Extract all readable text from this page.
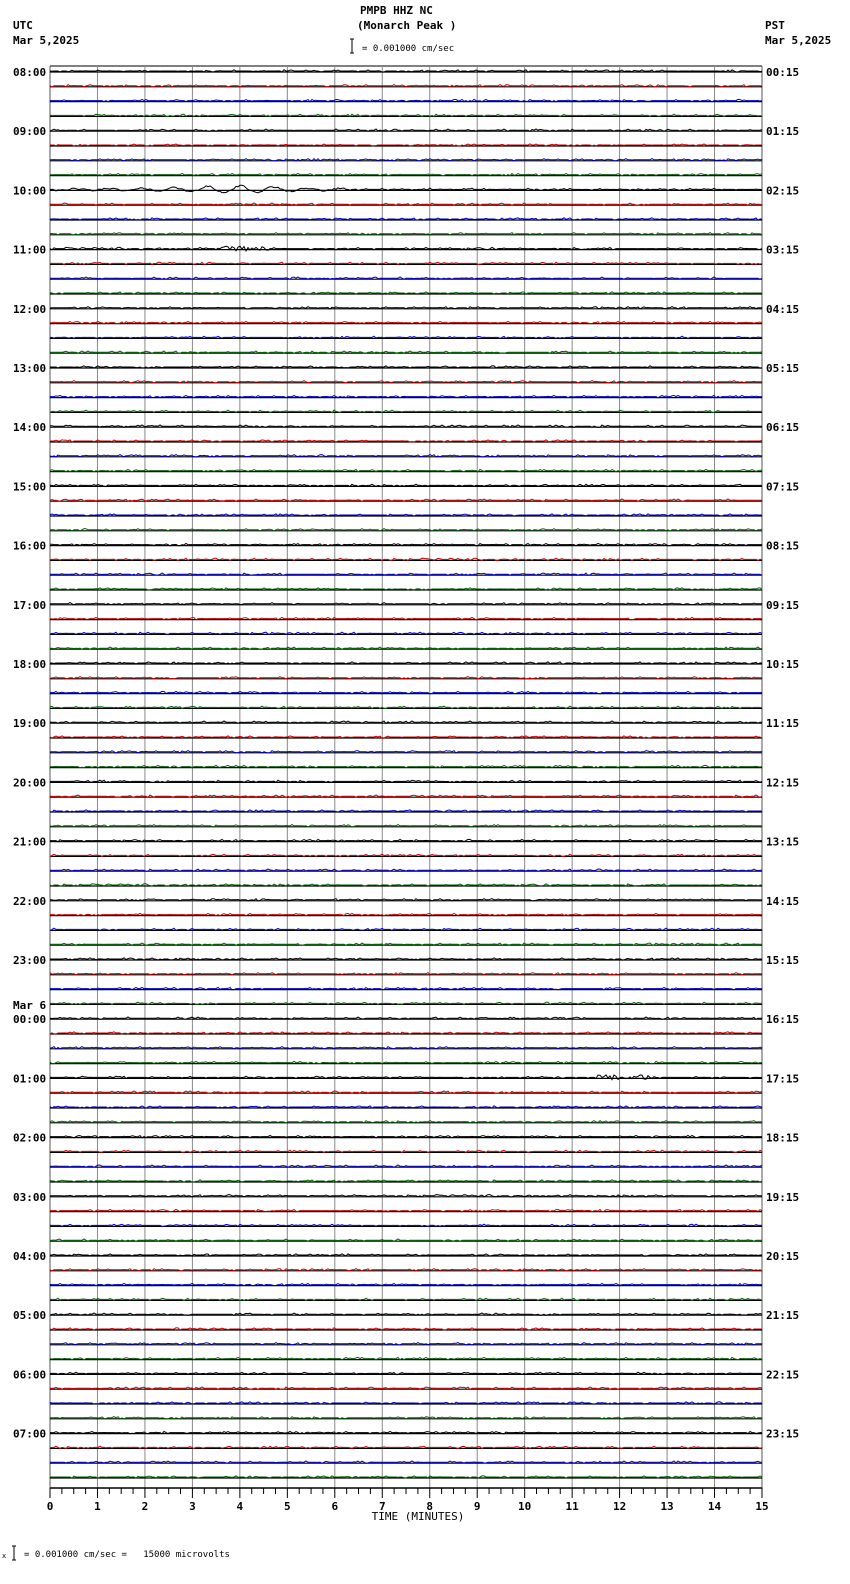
PMPB HHZ NC
(Monarch Peak )
UTC
Mar 5,2025
PST
Mar 5,2025
= 0.001000 cm/sec
= 0.001000 cm/sec =   15000 microvolts
x
08:00
09:00
10:00
11:00
12:00
13:00
14:00
15:00
16:00
17:00
18:00
19:00
20:00
21:00
22:00
23:00
00:00
Mar 6
01:00
02:00
03:00
04:00
05:00
06:00
07:00
00:15
01:15
02:15
03:15
04:15
05:15
06:15
07:15
08:15
09:15
10:15
11:15
12:15
13:15
14:15
15:15
16:15
17:15
18:15
19:15
20:15
21:15
22:15
23:15
0	1	2	3	4	5	6	7	8	9	10	11	12	13	14	15
TIME (MINUTES)
